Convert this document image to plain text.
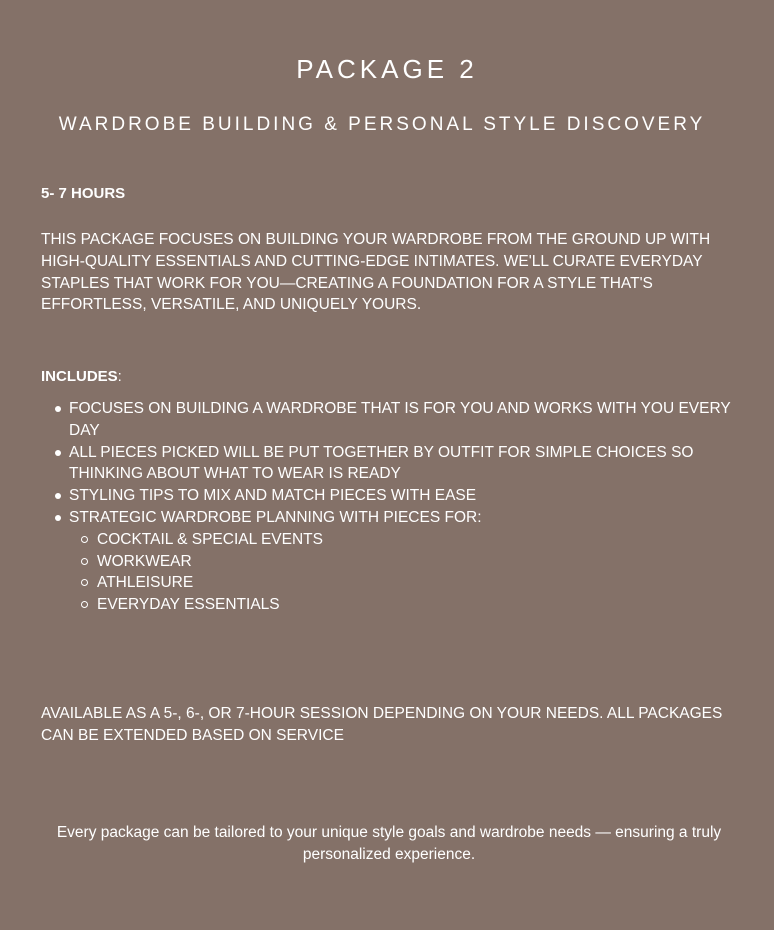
PACKAGE 2
WARDROBE BUILDING & PERSONAL STYLE DISCOVERY
5- 7 HOURS
THIS PACKAGE FOCUSES ON BUILDING YOUR WARDROBE FROM THE GROUND UP WITH HIGH-QUALITY ESSENTIALS AND CUTTING-EDGE INTIMATES. WE'LL CURATE EVERYDAY STAPLES THAT WORK FOR YOU—CREATING A FOUNDATION FOR A STYLE THAT'S EFFORTLESS, VERSATILE, AND UNIQUELY YOURS.
INCLUDES:
FOCUSES ON BUILDING A WARDROBE THAT IS FOR YOU AND WORKS WITH YOU EVERY DAY
ALL PIECES PICKED WILL BE PUT TOGETHER BY OUTFIT FOR SIMPLE CHOICES SO THINKING ABOUT WHAT TO WEAR IS READY
STYLING TIPS TO MIX AND MATCH PIECES WITH EASE
STRATEGIC WARDROBE PLANNING WITH PIECES FOR:
COCKTAIL & SPECIAL EVENTS
WORKWEAR
ATHLEISURE
EVERYDAY ESSENTIALS
AVAILABLE AS A 5-, 6-, OR 7-HOUR SESSION DEPENDING ON YOUR NEEDS. ALL PACKAGES CAN BE EXTENDED BASED ON SERVICE
Every package can be tailored to your unique style goals and wardrobe needs — ensuring a truly personalized experience.
